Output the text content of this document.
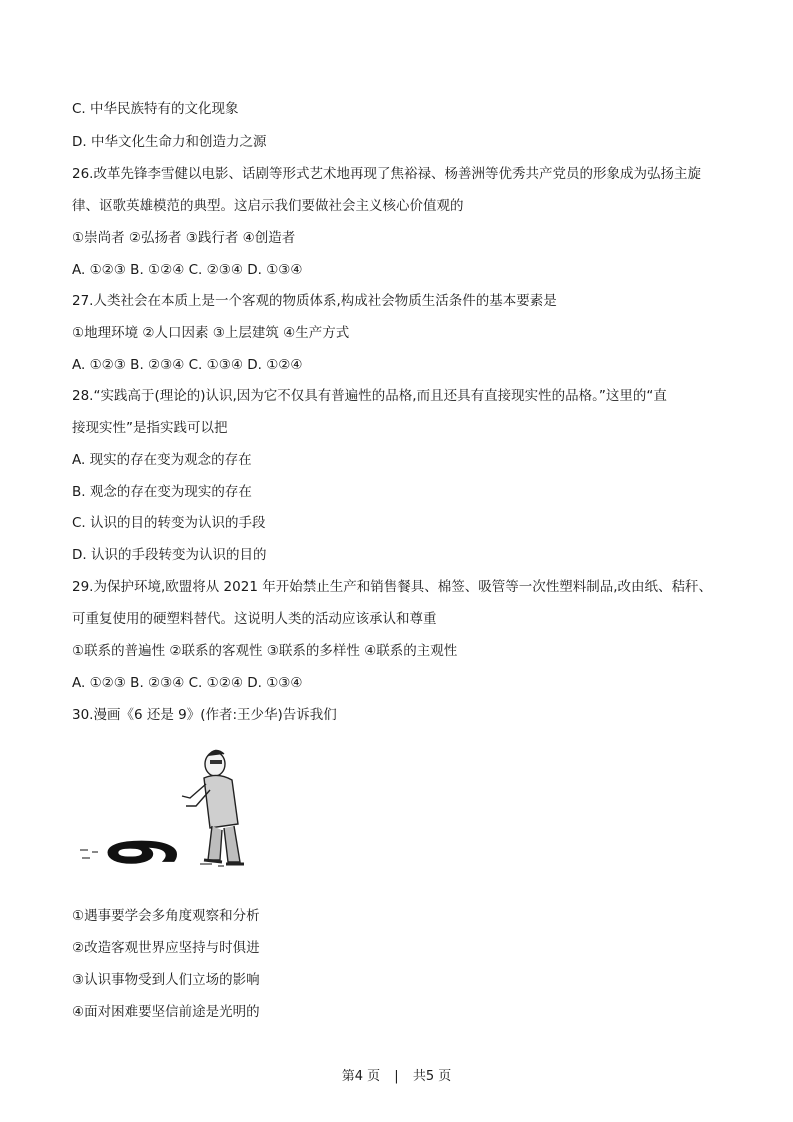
C. 中华民族特有的文化现象
D. 中华文化生命力和创造力之源
26.改革先锋李雪健以电影、话剧等形式艺术地再现了焦裕禄、杨善洲等优秀共产党员的形象成为弘扬主旋
律、讴歌英雄模范的典型。这启示我们要做社会主义核心价值观的
①崇尚者 ②弘扬者 ③践行者 ④创造者
A. ①②③ B. ①②④ C. ②③④ D. ①③④
27.人类社会在本质上是一个客观的物质体系,构成社会物质生活条件的基本要素是
①地理环境 ②人口因素 ③上层建筑 ④生产方式
A. ①②③ B. ②③④ C. ①③④ D. ①②④
28.“实践高于(理论的)认识,因为它不仅具有普遍性的品格,而且还具有直接现实性的品格。”这里的“直
接现实性”是指实践可以把
A. 现实的存在变为观念的存在
B. 观念的存在变为现实的存在
C. 认识的目的转变为认识的手段
D. 认识的手段转变为认识的目的
29.为保护环境,欧盟将从 2021 年开始禁止生产和销售餐具、棉签、吸管等一次性塑料制品,改由纸、秸秆、
可重复使用的硬塑料替代。这说明人类的活动应该承认和尊重
①联系的普遍性 ②联系的客观性 ③联系的多样性 ④联系的主观性
A. ①②③ B. ②③④ C. ①②④ D. ①③④
30.漫画《6 还是 9》(作者:王少华)告诉我们
9
①遇事要学会多角度观察和分析
②改造客观世界应坚持与时俱进
③认识事物受到人们立场的影响
④面对困难要坚信前途是光明的
第4 页 | 共5 页
